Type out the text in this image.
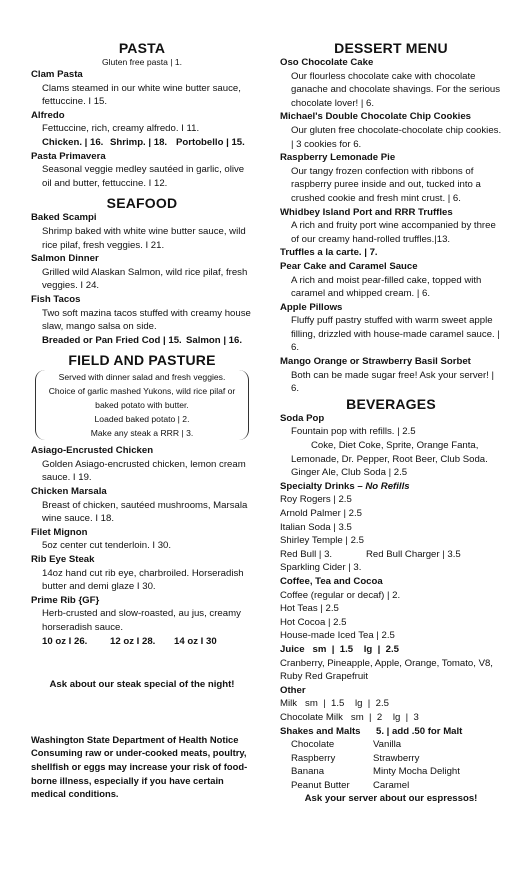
PASTA
Gluten free pasta | 1.
Clam Pasta
Clams steamed in our white wine butter sauce, fettuccine. I 15.
Alfredo
Fettuccine, rich, creamy alfredo. I 11.
Chicken. | 16. Shrimp. | 18. Portobello | 15.
Pasta Primavera
Seasonal veggie medley sautéed in garlic, olive oil and butter, fettuccine. I 12.
SEAFOOD
Baked Scampi
Shrimp baked with white wine butter sauce, wild rice pilaf, fresh veggies. I 21.
Salmon Dinner
Grilled wild Alaskan Salmon, wild rice pilaf, fresh veggies. I 24.
Fish Tacos
Two soft mazina tacos stuffed with creamy house slaw, mango salsa on side.
Breaded or Pan Fried Cod | 15. Salmon | 16.
FIELD AND PASTURE
Served with dinner salad and fresh veggies.
Choice of garlic mashed Yukons, wild rice pilaf or baked potato with butter.
Loaded baked potato | 2.
Make any steak a RRR | 3.
Asiago-Encrusted Chicken
Golden Asiago-encrusted chicken, lemon cream sauce. I 19.
Chicken Marsala
Breast of chicken, sautéed mushrooms, Marsala wine sauce. I 18.
Filet Mignon
5oz center cut tenderloin. I 30.
Rib Eye Steak
14oz hand cut rib eye, charbroiled. Horseradish butter and demi glaze I 30.
Prime Rib {GF}
Herb-crusted and slow-roasted, au jus, creamy horseradish sauce.
10 oz I 26.	12 oz I 28.	14 oz I 30
Ask about our steak special of the night!
Washington State Department of Health Notice Consuming raw or under-cooked meats, poultry, shellfish or eggs may increase your risk of food-borne illness, especially if you have certain medical conditions.
DESSERT MENU
Oso Chocolate Cake
Our flourless chocolate cake with chocolate ganache and chocolate shavings. For the serious chocolate lover! | 6.
Michael's Double Chocolate Chip Cookies
Our gluten free chocolate-chocolate chip cookies. | 3 cookies for 6.
Raspberry Lemonade Pie
Our tangy frozen confection with ribbons of raspberry puree inside and out, tucked into a crushed cookie and fresh mint crust. | 6.
Whidbey Island Port and RRR Truffles
A rich and fruity port wine accompanied by three of our creamy hand-rolled truffles.|13.
Truffles a la carte. | 7.
Pear Cake and Caramel Sauce
A rich and moist pear-filled cake, topped with caramel and whipped cream. | 6.
Apple Pillows
Fluffy puff pastry stuffed with warm sweet apple filling, drizzled with house-made caramel sauce. | 6.
Mango Orange or Strawberry Basil Sorbet
Both can be made sugar free! Ask your server! | 6.
BEVERAGES
Soda Pop
Fountain pop with refills. | 2.5
Coke, Diet Coke, Sprite, Orange Fanta, Lemonade, Dr. Pepper, Root Beer, Club Soda.
Ginger Ale, Club Soda | 2.5
Specialty Drinks – No Refills
Roy Rogers | 2.5
Arnold Palmer | 2.5
Italian Soda | 3.5
Shirley Temple | 2.5
Red Bull | 3.	Red Bull Charger | 3.5
Sparkling Cider | 3.
Coffee, Tea and Cocoa
Coffee (regular or decaf) | 2.
Hot Teas | 2.5
Hot Cocoa | 2.5
House-made Iced Tea | 2.5
Juice   sm  |  1.5    lg  |  2.5
Cranberry, Pineapple, Apple, Orange, Tomato, V8, Ruby Red Grapefruit
Other
Milk   sm  |  1.5    lg  |  2.5
Chocolate Milk   sm  |  2    lg  |  3
Shakes and Malts	5. | add .50 for Malt
Chocolate	Vanilla
Raspberry	Strawberry
Banana	Minty Mocha Delight
Peanut Butter	Caramel
Ask your server about our espressos!
